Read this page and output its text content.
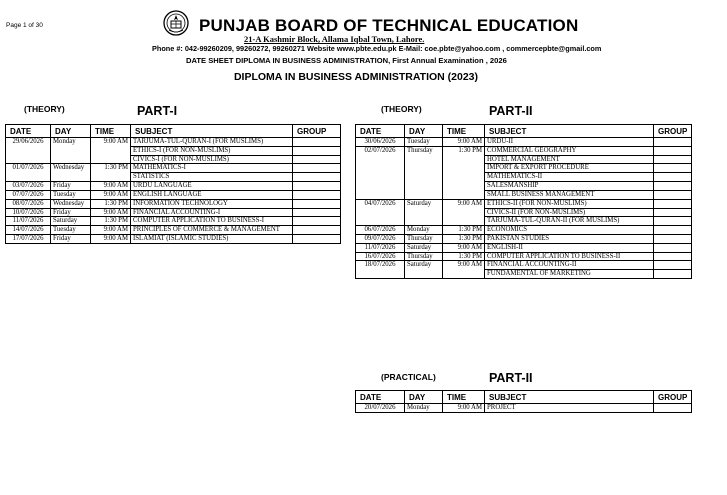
Page 1 of 30	PUNJAB BOARD OF TECHNICAL EDUCATION
21-A Kashmir Block, Allama Iqbal Town, Lahore.
Phone #: 042-99260209, 99260272, 99260271 Website www.pbte.edu.pk E-Mail: coe.pbte@yahoo.com , commercepbte@gmail.com
DATE SHEET DIPLOMA IN BUSINESS ADMINISTRATION, First Annual Examination , 2026
DIPLOMA IN BUSINESS ADMINISTRATION (2023)
(THEORY)	PART-I	(THEORY)	PART-II
(PRACTICAL)	PART-II
DATE	DAY	TIME	SUBJECT	GROUP
29/06/2026	Monday	9:00 AM	TARJUMA-TUL-QURAN-I (FOR MUSLIMS)	
			ETHICS-I (FOR NON-MUSLIMS)	
			CIVICS-I (FOR NON-MUSLIMS)	
01/07/2026	Wednesday	1:30 PM	MATHEMATICS-I	
			STATISTICS	
03/07/2026	Friday	9:00 AM	URDU LANGUAGE	
07/07/2026	Tuesday	9:00 AM	ENGLISH LANGUAGE	
08/07/2026	Wednesday	1:30 PM	INFORMATION TECHNOLOGY	
10/07/2026	Friday	9:00 AM	FINANCIAL ACCOUNTING-I	
11/07/2026	Saturday	1:30 PM	COMPUTER APPLICATION TO BUSINESS-I	
14/07/2026	Tuesday	9:00 AM	PRINCIPLES OF COMMERCE & MANAGEMENT	
17/07/2026	Friday	9:00 AM	ISLAMIAT (ISLAMIC STUDIES)	
DATE	DAY	TIME	SUBJECT	GROUP
30/06/2026	Tuesday	9:00 AM	URDU-II	
02/07/2026	Thursday	1:30 PM	COMMERCIAL GEOGRAPHY	
			HOTEL MANAGEMENT	
			IMPORT & EXPORT PROCEDURE	
			MATHEMATICS-II	
			SALESMANSHIP	
			SMALL BUSINESS MANAGEMENT	
04/07/2026	Saturday	9:00 AM	ETHICS-II (FOR NON-MUSLIMS)	
			CIVICS-II (FOR NON-MUSLIMS)	
			TARJUMA-TUL-QURAN-II (FOR MUSLIMS)	
06/07/2026	Monday	1:30 PM	ECONOMICS	
09/07/2026	Thursday	1:30 PM	PAKISTAN STUDIES	
11/07/2026	Saturday	9:00 AM	ENGLISH-II	
16/07/2026	Thursday	1:30 PM	COMPUTER APPLICATION TO BUSINESS-II	
18/07/2026	Saturday	9:00 AM	FINANCIAL ACCOUNTING-II	
			FUNDAMENTAL OF MARKETING	
DATE	DAY	TIME	SUBJECT	GROUP
20/07/2026	Monday	9:00 AM	PROJECT	
